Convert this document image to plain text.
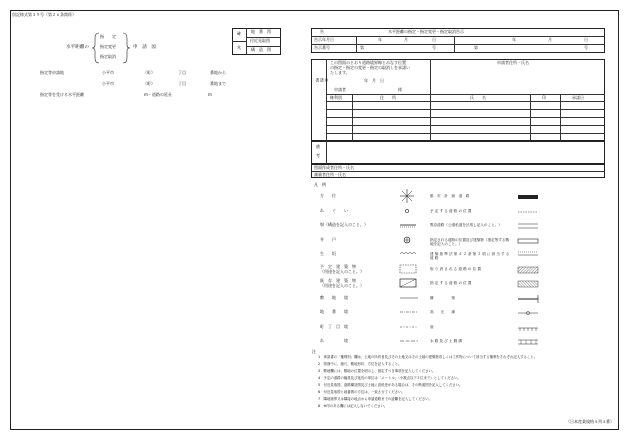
別記様式第３９号（第２６条関係）
水平距離の
指　　定
指定変更
指定取消
申　請　図
指定等申請地	小平市	（町）	丁目	番地から
小平市	（町）	丁目	番地まで
指定等を受ける水平距離	m・道路の延長	m
確
兆
地　番　図
付近見取図
構　造　図
告	水平距離の指定・指定変更・指定取消告示
告示年月日	年	月	日	年	月	日
告示番号	第	号	第	号
承
諾
書
この図面のとおり道路境界線とみなす位置
の指定・指定の変更・指定の取消しを承諾い
たします。
年　月　日
申請者	様
申請者住所・氏名
権利別	住　　所	氏　　名	印	承諾日
備
考
図面作成者住所・氏名
測量者住所・氏名
凡　例
方　　位
れ　　ぐ　　い
塀（構造を記入のこと。）
井　　戸
生　　垣
予　定　建　築　物
（用途を記入のこと。）
既　存　建　築　物
（用途を記入のこと。）
敷　　地　　境
地　　番　　境
町　丁　目　境
れ　　　　　境
都　市　計　画　道　路
予 定 す る 道 路 の 位 置
既存道路（公道私道を区別し記入のこと。）
指定される道路の位置及び建築物（指定等する敷地を記入のこと。）
建 築 基 準 法 第 ４ ２ 条 第 ２ 項 に 該 当 す る 道 路
取 り 消 さ れ る 道 路 の 位 置
指 定 す る 道 路 の 位 置
擁　　　　　壁
高　　圧　　線
崖
水 路 及 び 土 側 溝
注
1　承諾書の「権利別」欄は、土地の所有者及びその土地又はその土地の建築物若しくは工作物について該当する権利をそれぞれ記入すること。
2　図面中に、縮尺、敷地形状、方位を記入すること。
3　敷地欄には、敷地の位置を明示し、指定すべき事項を記入してください。
4　予定の道路の幅員及び延長の単位は「メートル」（小数点以下２位まで）としてください。
5　付近見取図、道路構造図及び土地に高低差がある場合は、その断面図を記入してください。
6　付近見取図と地番図の方位は、一致させてください。
7　隣地境界又は隣接の地点から申請道路までの距離を記入してください。
8　※印のある欄には記入しないでください。
（日本産業規格Ａ列４番）
